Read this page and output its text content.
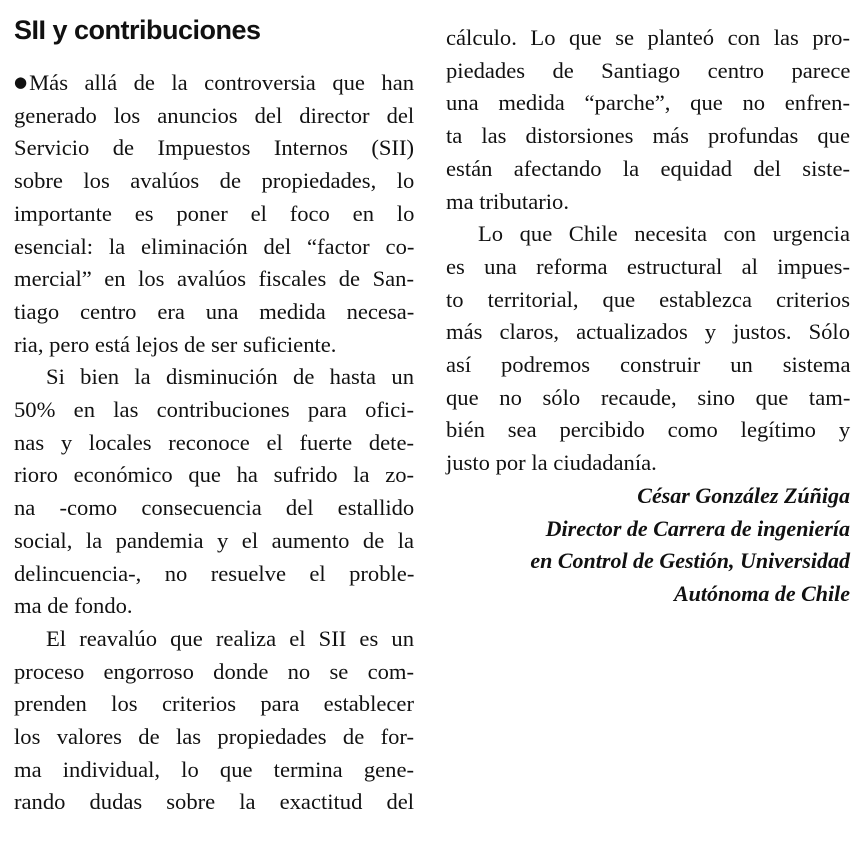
SII y contribuciones
●Más allá de la controversia que han
generado los anuncios del director del
Servicio de Impuestos Internos (SII)
sobre los avalúos de propiedades, lo
importante es poner el foco en lo
esencial: la eliminación del “factor co-
mercial” en los avalúos fiscales de San-
tiago centro era una medida necesa-
ria, pero está lejos de ser suficiente.
Si bien la disminución de hasta un
50% en las contribuciones para ofici-
nas y locales reconoce el fuerte dete-
rioro económico que ha sufrido la zo-
na -como consecuencia del estallido
social, la pandemia y el aumento de la
delincuencia-, no resuelve el proble-
ma de fondo.
El reavalúo que realiza el SII es un
proceso engorroso donde no se com-
prenden los criterios para establecer
los valores de las propiedades de for-
ma individual, lo que termina gene-
rando dudas sobre la exactitud del
cálculo. Lo que se planteó con las pro-
piedades de Santiago centro parece
una medida “parche”, que no enfren-
ta las distorsiones más profundas que
están afectando la equidad del siste-
ma tributario.
Lo que Chile necesita con urgencia
es una reforma estructural al impues-
to territorial, que establezca criterios
más claros, actualizados y justos. Sólo
así podremos construir un sistema
que no sólo recaude, sino que tam-
bién sea percibido como legítimo y
justo por la ciudadanía.
César González Zúñiga
Director de Carrera de ingeniería
en Control de Gestión, Universidad
Autónoma de Chile
